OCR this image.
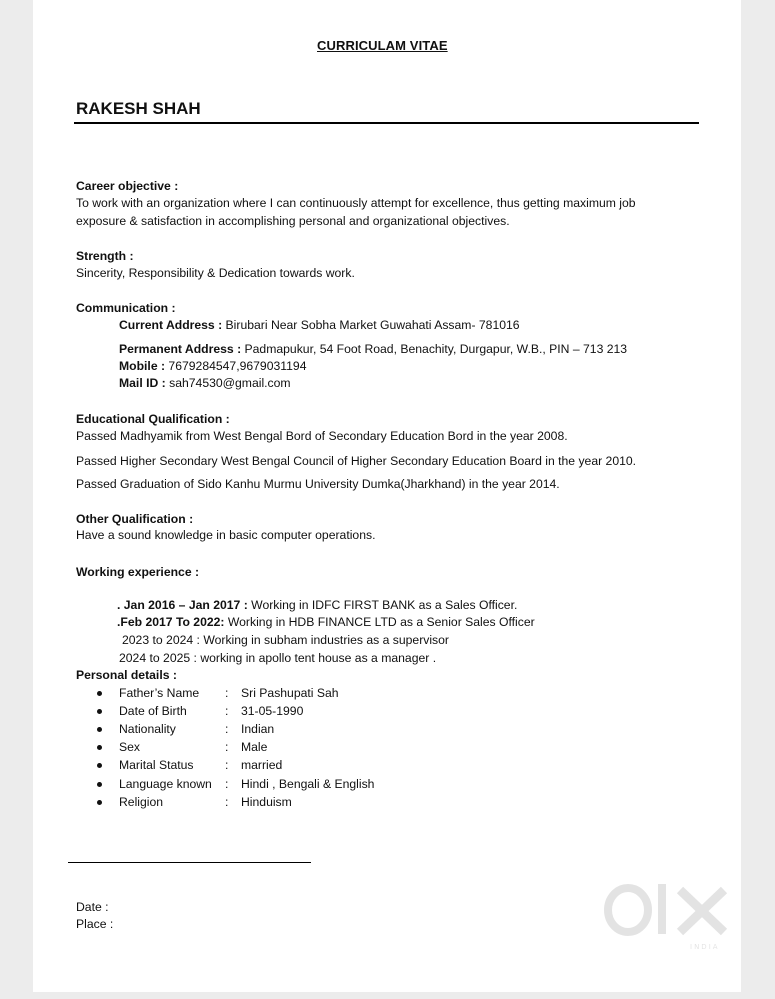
CURRICULAM VITAE
RAKESH SHAH
Career objective :
To work with an organization where I can continuously attempt for excellence, thus getting maximum job
exposure & satisfaction in accomplishing personal and organizational objectives.
Strength :
Sincerity, Responsibility & Dedication towards work.
Communication :
Current Address : Birubari Near Sobha Market Guwahati Assam- 781016
Permanent Address : Padmapukur, 54 Foot Road, Benachity, Durgapur, W.B., PIN – 713 213
Mobile : 7679284547,9679031194
Mail ID : sah74530@gmail.com
Educational Qualification :
Passed Madhyamik from West Bengal Bord of Secondary Education Bord in the year 2008.
Passed Higher Secondary West Bengal Council of Higher Secondary Education Board in the year 2010.
Passed Graduation of Sido Kanhu Murmu University Dumka(Jharkhand) in the year 2014.
Other Qualification :
Have a sound knowledge in basic computer operations.
Working experience :
. Jan 2016 – Jan 2017 : Working in IDFC FIRST BANK as a Sales Officer.
.Feb 2017 To 2022: Working in HDB FINANCE LTD as a Senior Sales Officer
2023 to 2024 : Working in subham industries as a supervisor
2024 to 2025 : working in apollo tent house as a manager .
Personal details :
Father’s Name : Sri Pashupati Sah
Date of Birth	: 31-05-1990
Nationality	: Indian
Sex	: Male
Marital Status	: married
Language known : Hindi , Bengali & English
Religion	: Hinduism
Date :
Place :
INDIA
